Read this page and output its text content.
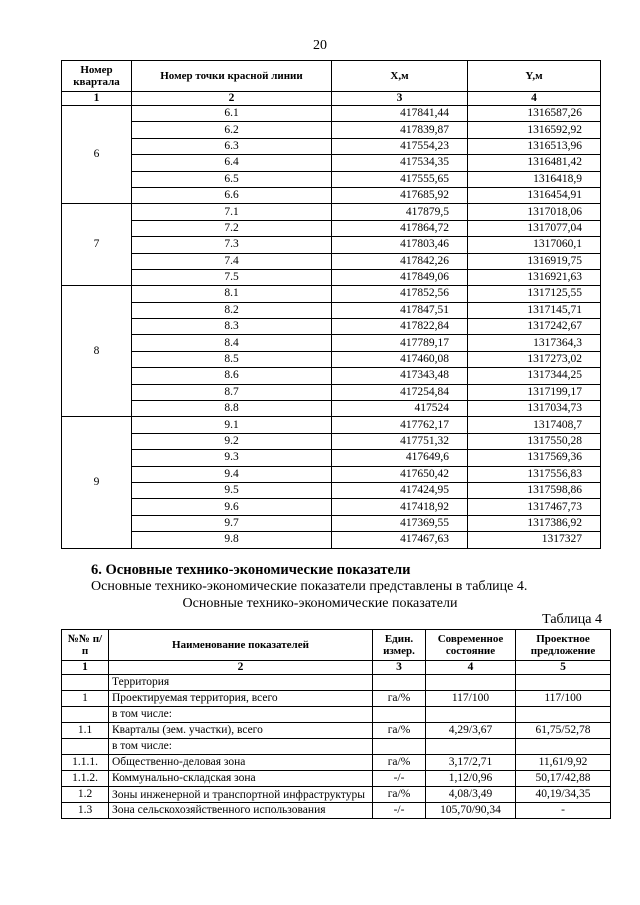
20
Номер квартала	Номер точки красной линии	X,м	Y,м
1	2	3	4
6	6.1	417841,44	1316587,26
	6.2	417839,87	1316592,92
	6.3	417554,23	1316513,96
	6.4	417534,35	1316481,42
	6.5	417555,65	1316418,9
	6.6	417685,92	1316454,91
7	7.1	417879,5	1317018,06
	7.2	417864,72	1317077,04
	7.3	417803,46	1317060,1
	7.4	417842,26	1316919,75
	7.5	417849,06	1316921,63
8	8.1	417852,56	1317125,55
	8.2	417847,51	1317145,71
	8.3	417822,84	1317242,67
	8.4	417789,17	1317364,3
	8.5	417460,08	1317273,02
	8.6	417343,48	1317344,25
	8.7	417254,84	1317199,17
	8.8	417524	1317034,73
9	9.1	417762,17	1317408,7
	9.2	417751,32	1317550,28
	9.3	417649,6	1317569,36
	9.4	417650,42	1317556,83
	9.5	417424,95	1317598,86
	9.6	417418,92	1317467,73
	9.7	417369,55	1317386,92
	9.8	417467,63	1317327
6. Основные технико-экономические показатели
Основные технико-экономические показатели представлены в таблице 4.
Основные технико-экономические показатели
Таблица 4
№№ п/п	Наименование показателей	Един. измер.	Современное состояние	Проектное предложение
1	2	3	4	5
	Территория			
1	Проектируемая территория, всего	га/%	117/100	117/100
	в том числе:			
1.1	Кварталы (зем. участки), всего	га/%	4,29/3,67	61,75/52,78
	в том числе:			
1.1.1.	Общественно-деловая зона	га/%	3,17/2,71	11,61/9,92
1.1.2.	Коммунально-складская зона	-/-	1,12/0,96	50,17/42,88
1.2	Зоны инженерной и транспортной инфраструктуры	га/%	4,08/3,49	40,19/34,35
1.3	Зона сельскохозяйственного использования	-/-	105,70/90,34	-
